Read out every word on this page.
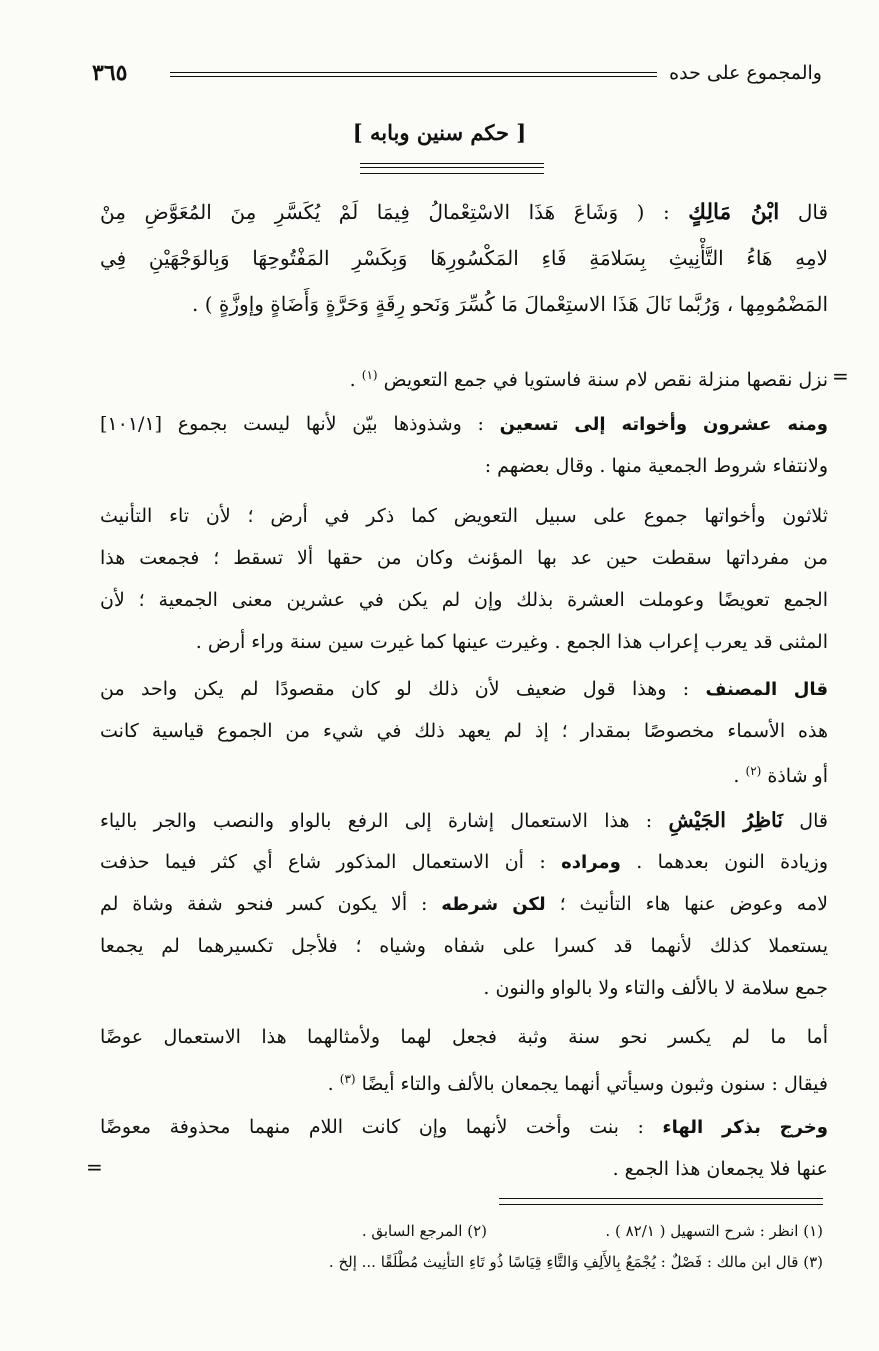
والمجموع على حده
٣٦٥
[ حكم سنين وبابه ]
قال ابْنُ مَالِكٍ : ( وَشَاعَ هَذَا الاسْتِعْمالُ فِيمَا لَمْ يُكَسَّرِ مِنَ المُعَوَّضِ مِنْ
لامِهِ هَاءُ التَّأْنِيثِ بِسَلامَةِ فَاءِ المَكْسُورِهَا وَبِكَسْرِ المَفْتُوحِهَا وَبِالوَجْهَيْنِ فِي
المَضْمُومِها ، وَرُبَّما نَالَ هَذَا الاستِعْمالَ مَا كُسِّرَ وَنَحو رِقَةٍ وَحَرَّةٍ وَأَضَاةٍ وإوزَّةٍ ) .
نزل نقصها منزلة نقص لام سنة فاستويا في جمع التعويض $^{(١)}$ .
ومنه عشرون وأخواته إلى تسعين : وشذوذها بيّن لأنها ليست بجموع [١٠١/١]
ولانتفاء شروط الجمعية منها . وقال بعضهم :
ثلاثون وأخواتها جموع على سبيل التعويض كما ذكر في أرض ؛ لأن تاء التأنيث
من مفرداتها سقطت حين عد بها المؤنث وكان من حقها ألا تسقط ؛ فجمعت هذا
الجمع تعويضًا وعوملت العشرة بذلك وإن لم يكن في عشرين معنى الجمعية ؛ لأن
المثنى قد يعرب إعراب هذا الجمع . وغيرت عينها كما غيرت سين سنة وراء أرض .
قال المصنف : وهذا قول ضعيف لأن ذلك لو كان مقصودًا لم يكن واحد من
هذه الأسماء مخصوصًا بمقدار ؛ إذ لم يعهد ذلك في شيء من الجموع قياسية كانت
أو شاذة $^{(٢)}$ .
قال نَاظِرُ الجَيْشِ : هذا الاستعمال إشارة إلى الرفع بالواو والنصب والجر بالياء
وزيادة النون بعدهما . ومراده : أن الاستعمال المذكور شاع أي كثر فيما حذفت
لامه وعوض عنها هاء التأنيث ؛ لكن شرطه : ألا يكون كسر فنحو شفة وشاة لم
يستعملا كذلك لأنهما قد كسرا على شفاه وشياه ؛ فلأجل تكسيرهما لم يجمعا
جمع سلامة لا بالألف والتاء ولا بالواو والنون .
أما ما لم يكسر نحو سنة وثبة فجعل لهما ولأمثالهما هذا الاستعمال عوضًا
فيقال : سنون وثبون وسيأتي أنهما يجمعان بالألف والتاء أيضًا $^{(٣)}$ .
وخرج بذكر الهاء : بنت وأخت لأنهما وإن كانت اللام منهما محذوفة معوضًا
عنها فلا يجمعان هذا الجمع .
=
=
(١) انظر : شرح التسهيل ( ٨٢/١ ) .
(٢) المرجع السابق .
(٣) قال ابن مالك : فَصْلٌ : يُجْمَعُ بِالأَلِفِ وَالتَّاءِ قِيَاسًا ذُو تَاءِ التأنِيث مُطْلَقًا ... إلخ .
